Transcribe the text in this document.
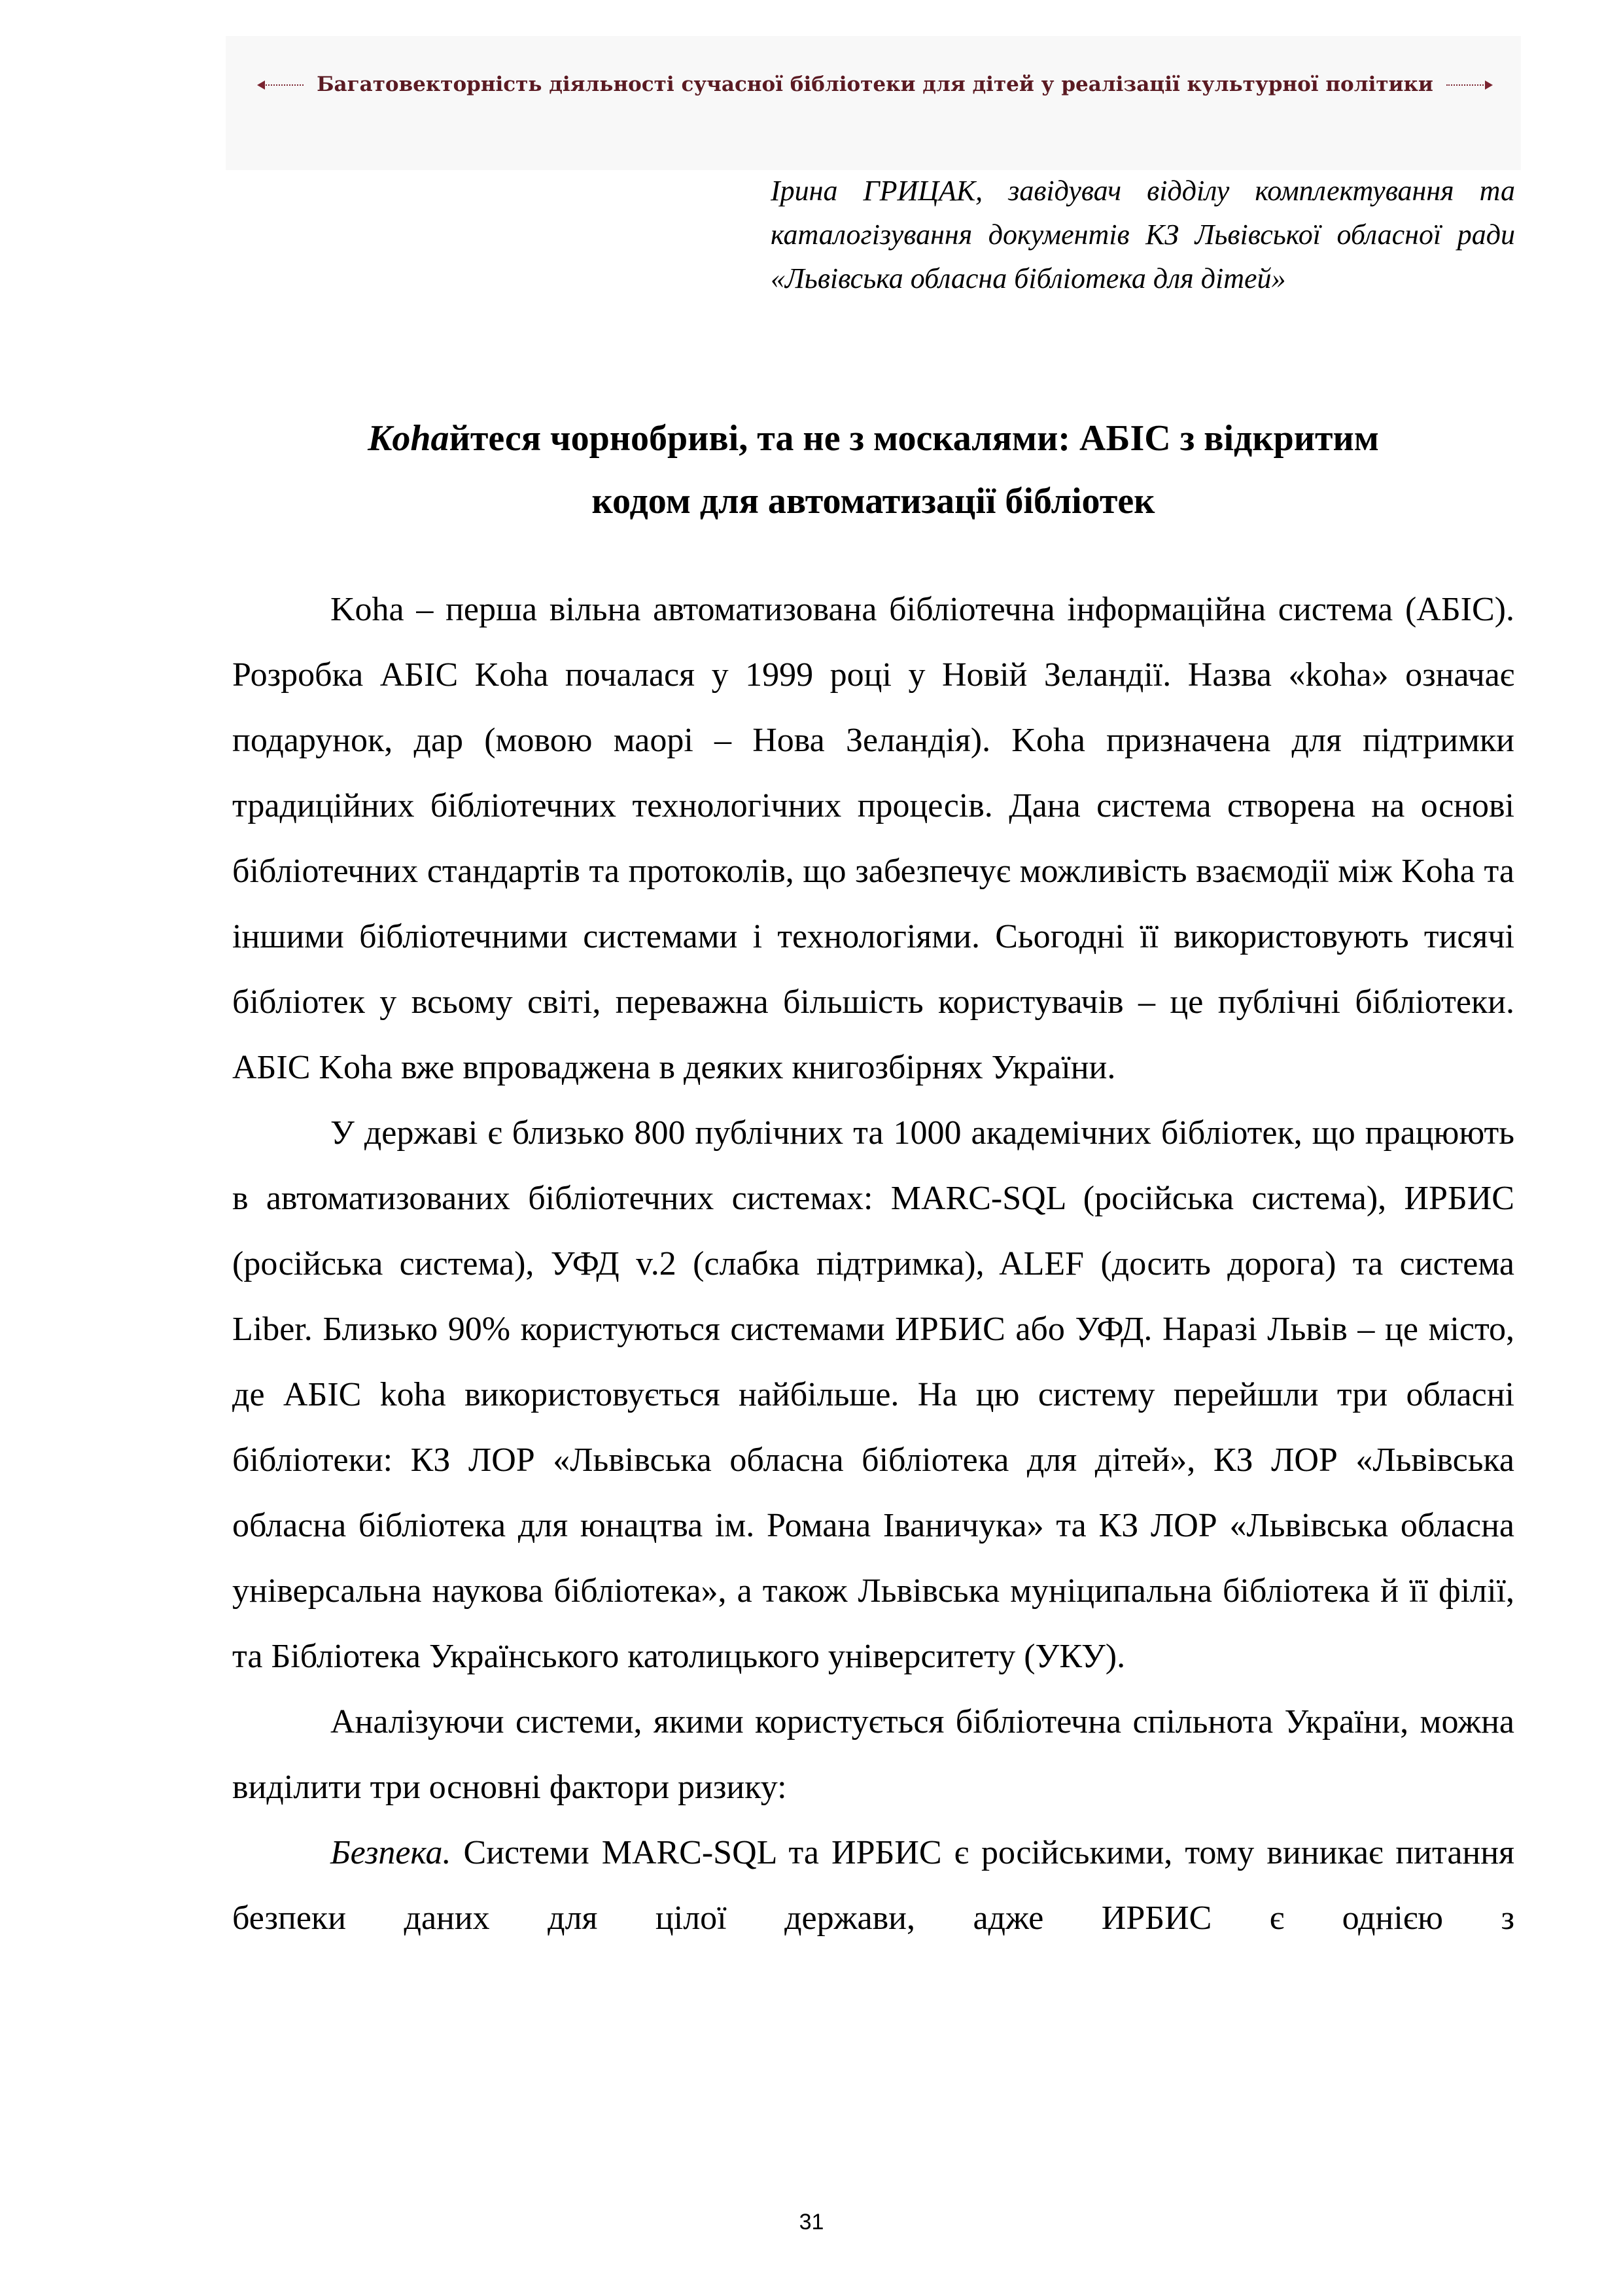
Багатовекторність діяльності сучасної бібліотеки для дітей у реалізації культурної політики
Ірина ГРИЦАК, завідувач відділу комплектування та каталогізування документів КЗ Львівської обласної ради «Львівська обласна бібліотека для дітей»
Kohaйтеся чорнобриві, та не з москалями: АБІС з відкритим
кодом для автоматизації бібліотек

Koha – перша вільна автоматизована бібліотечна інформаційна система (АБІС). Розробка АБІС Koha почалася у 1999 році у Новій Зеландії. Назва «koha» означає подарунок, дар (мовою маорі – Нова Зеландія). Koha призначена для підтримки традиційних бібліотечних технологічних процесів. Дана система створена на основі бібліотечних стандартів та протоколів, що забезпечує можливість взаємодії між Koha та іншими бібліотечними системами і технологіями. Сьогодні її використовують тисячі бібліотек у всьому світі, переважна більшість користувачів – це публічні бібліотеки. АБІС Koha вже впроваджена в деяких книгозбірнях України.

У державі є близько 800 публічних та 1000 академічних бібліотек, що працюють в автоматизованих бібліотечних системах: MARC-SQL (російська система), ИРБИС (російська система), УФД v.2 (слабка підтримка), ALEF (досить дорога) та система Liber. Близько 90% користуються системами ИРБИС або УФД. Наразі Львів – це місто, де АБІС koha використовується найбільше. На цю систему перейшли три обласні бібліотеки: КЗ ЛОР «Львівська обласна бібліотека для дітей», КЗ ЛОР «Львівська обласна бібліотека для юнацтва ім. Романа Іваничука» та КЗ ЛОР «Львівська обласна універсальна наукова бібліотека», а також Львівська муніципальна бібліотека й її філії, та Бібліотека Українського католицького університету (УКУ).

Аналізуючи системи, якими користується бібліотечна спільнота України, можна виділити три основні фактори ризику:

Безпека. Системи MARC-SQL та ИРБИС є російськими, тому виникає питання безпеки даних для цілої держави, адже ИРБИС є однією з

31
